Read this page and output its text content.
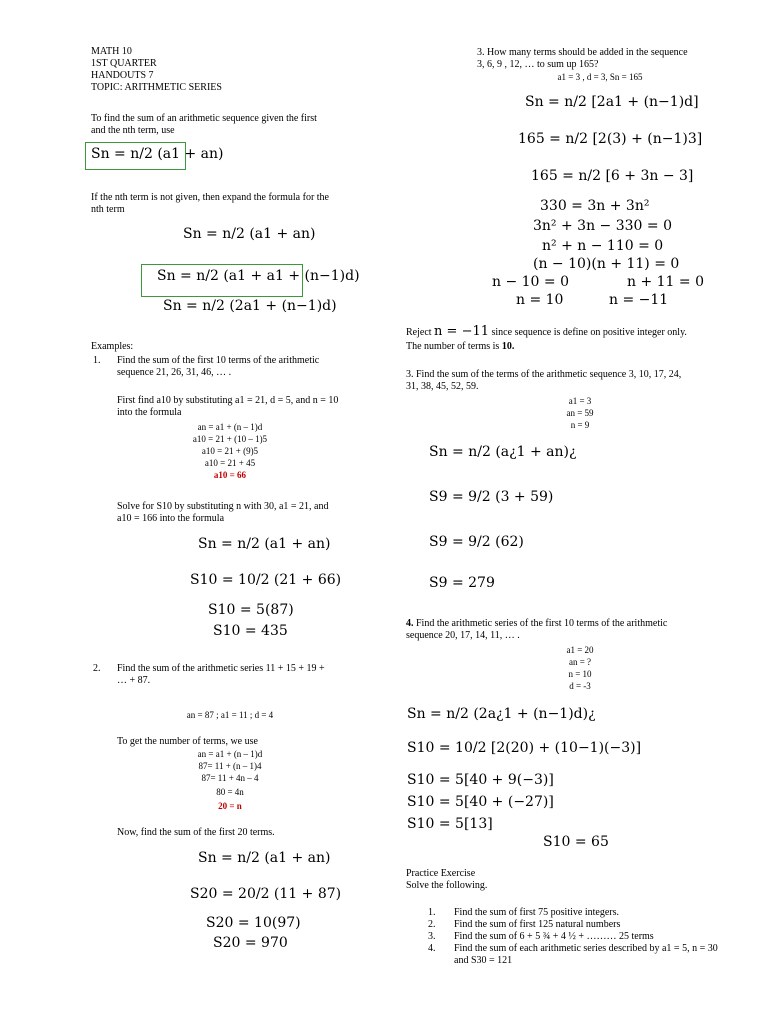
MATH 10
1ST QUARTER
HANDOUTS 7
TOPIC: ARITHMETIC SERIES
To find the sum of an arithmetic sequence given the first
and the nth term, use
Sn = n/2 (a1 + an)
If the nth term is not given, then expand the formula for the
nth term
Sn = n/2 (a1 + an)
Sn = n/2 (a1 + a1 + (n−1)d)
Sn = n/2 (2a1 + (n−1)d)
Examples:
1. Find the sum of the first 10 terms of the arithmetic
sequence 21, 26, 31, 46, … .
First find a10 by substituting a1 = 21, d = 5, and n = 10
into the formula
an = a1 + (n – 1)d
a10 = 21 + (10 – 1)5
a10 = 21 + (9)5
a10 = 21 + 45
a10 = 66
Solve for S10 by substituting n with 30, a1 = 21, and
a10 = 166 into the formula
Sn = n/2 (a1 + an)
S10 = 10/2 (21 + 66)
S10 = 5(87)
S10 = 435
2. Find the sum of the arithmetic series 11 + 15 + 19 +
… + 87.
an = 87 ; a1 = 11 ; d = 4
To get the number of terms, we use
an = a1 + (n – 1)d
87= 11 + (n – 1)4
87= 11 + 4n – 4
80 = 4n
20 = n
Now, find the sum of the first 20 terms.
Sn = n/2 (a1 + an)
S20 = 20/2 (11 + 87)
S20 = 10(97)
S20 = 970
3. How many terms should be added in the sequence
3, 6, 9 , 12, … to sum up 165?
a1 = 3 , d = 3, Sn = 165
Sn = n/2 [2a1 + (n−1)d]
165 = n/2 [2(3) + (n−1)3]
165 = n/2 [6 + 3n − 3]
330 = 3n + 3n²
3n² + 3n − 330 = 0
n² + n − 110 = 0
(n − 10)(n + 11) = 0
n − 10 = 0	n + 11 = 0
n = 10	n = −11
Reject n = −11 since sequence is define on positive integer only.
The number of terms is 10.
3. Find the sum of the terms of the arithmetic sequence 3, 10, 17, 24,
31, 38, 45, 52, 59.
a1 = 3
an = 59
n = 9
Sn = n/2 (a¿1 + an)¿
S9 = 9/2 (3 + 59)
S9 = 9/2 (62)
S9 = 279
4. Find the arithmetic series of the first 10 terms of the arithmetic
sequence 20, 17, 14, 11, … .
a1 = 20
an = ?
n = 10
d = -3
Sn = n/2 (2a¿1 + (n−1)d)¿
S10 = 10/2 [2(20) + (10−1)(−3)]
S10 = 5[40 + 9(−3)]
S10 = 5[40 + (−27)]
S10 = 5[13]
S10 = 65
Practice Exercise
Solve the following.
1. Find the sum of first 75 positive integers.
2. Find the sum of first 125 natural numbers
3. Find the sum of 6 + 5 ¾ + 4 ½ + ……… 25 terms
4. Find the sum of each arithmetic series described by a1 = 5, n = 30 and S30 = 121
